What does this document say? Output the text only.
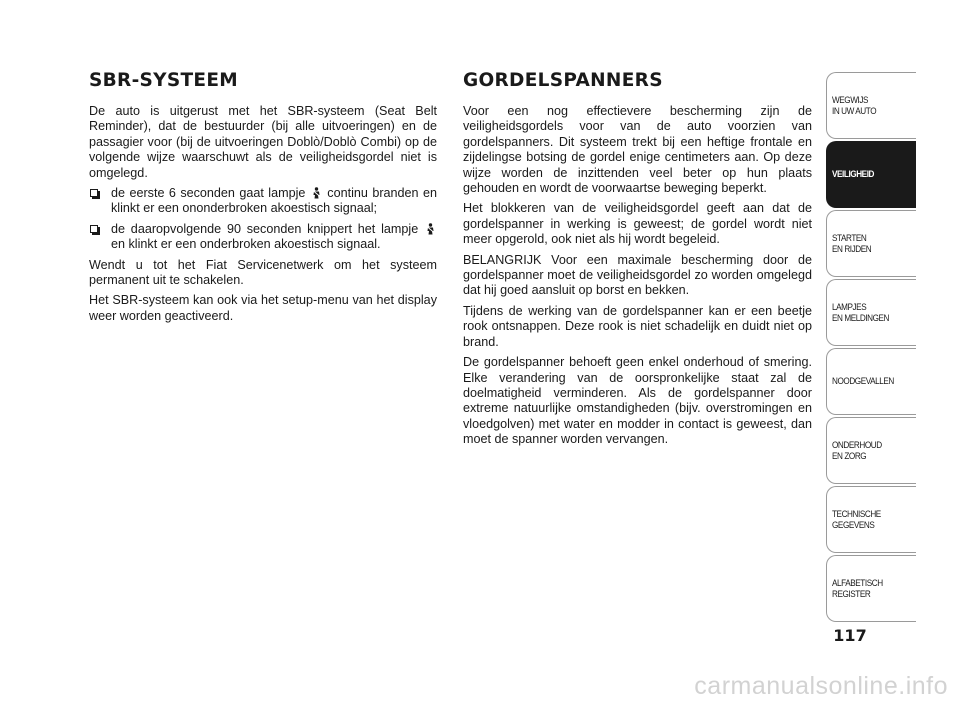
SBR-SYSTEEM

De auto is uitgerust met het SBR-systeem (Seat Belt Reminder), dat de bestuurder (bij alle uitvoeringen) en de passagier voor (bij de uitvoeringen Doblò/Doblò Combi) op de volgende wijze waarschuwt als de veiligheidsgordel niet is omgelegd.

de eerste 6 seconden gaat lampje continu branden en klinkt er een ononderbroken akoestisch signaal;

de daaropvolgende 90 seconden knippert het lampje  en klinkt er een onderbroken akoestisch signaal.

Wendt u tot het Fiat Servicenetwerk om het systeem permanent uit te schakelen.

Het SBR-systeem kan ook via het setup-menu van het display weer worden geactiveerd.

GORDELSPANNERS

Voor een nog effectievere bescherming zijn de veiligheidsgordels voor van de auto voorzien van gordelspanners. Dit systeem trekt bij een heftige frontale en zijdelingse botsing de gordel enige centimeters aan. Op deze wijze worden de inzittenden veel beter op hun plaats gehouden en wordt de voorwaartse beweging beperkt.

Het blokkeren van de veiligheidsgordel geeft aan dat de gordelspanner in werking is geweest; de gordel wordt niet meer opgerold, ook niet als hij wordt begeleid.

BELANGRIJK Voor een maximale bescherming door de gordelspanner moet de veiligheidsgordel zo worden omgelegd dat hij goed aansluit op borst en bekken.

Tijdens de werking van de gordelspanner kan er een beetje rook ontsnappen. Deze rook is niet schadelijk en duidt niet op brand.

De gordelspanner behoeft geen enkel onderhoud of smering. Elke verandering van de oorspronkelijke staat zal de doelmatigheid verminderen. Als de gordelspanner door extreme natuurlijke omstandigheden (bijv. overstromingen en vloedgolven) met water en modder in contact is geweest, dan moet de spanner worden vervangen.

WEGWIJS
IN UW AUTO
VEILIGHEID
STARTEN
EN RIJDEN
LAMPJES
EN MELDINGEN
NOODGEVALLEN
ONDERHOUD
EN ZORG
TECHNISCHE
GEGEVENS
ALFABETISCH
REGISTER
117
carmanualsonline.info
